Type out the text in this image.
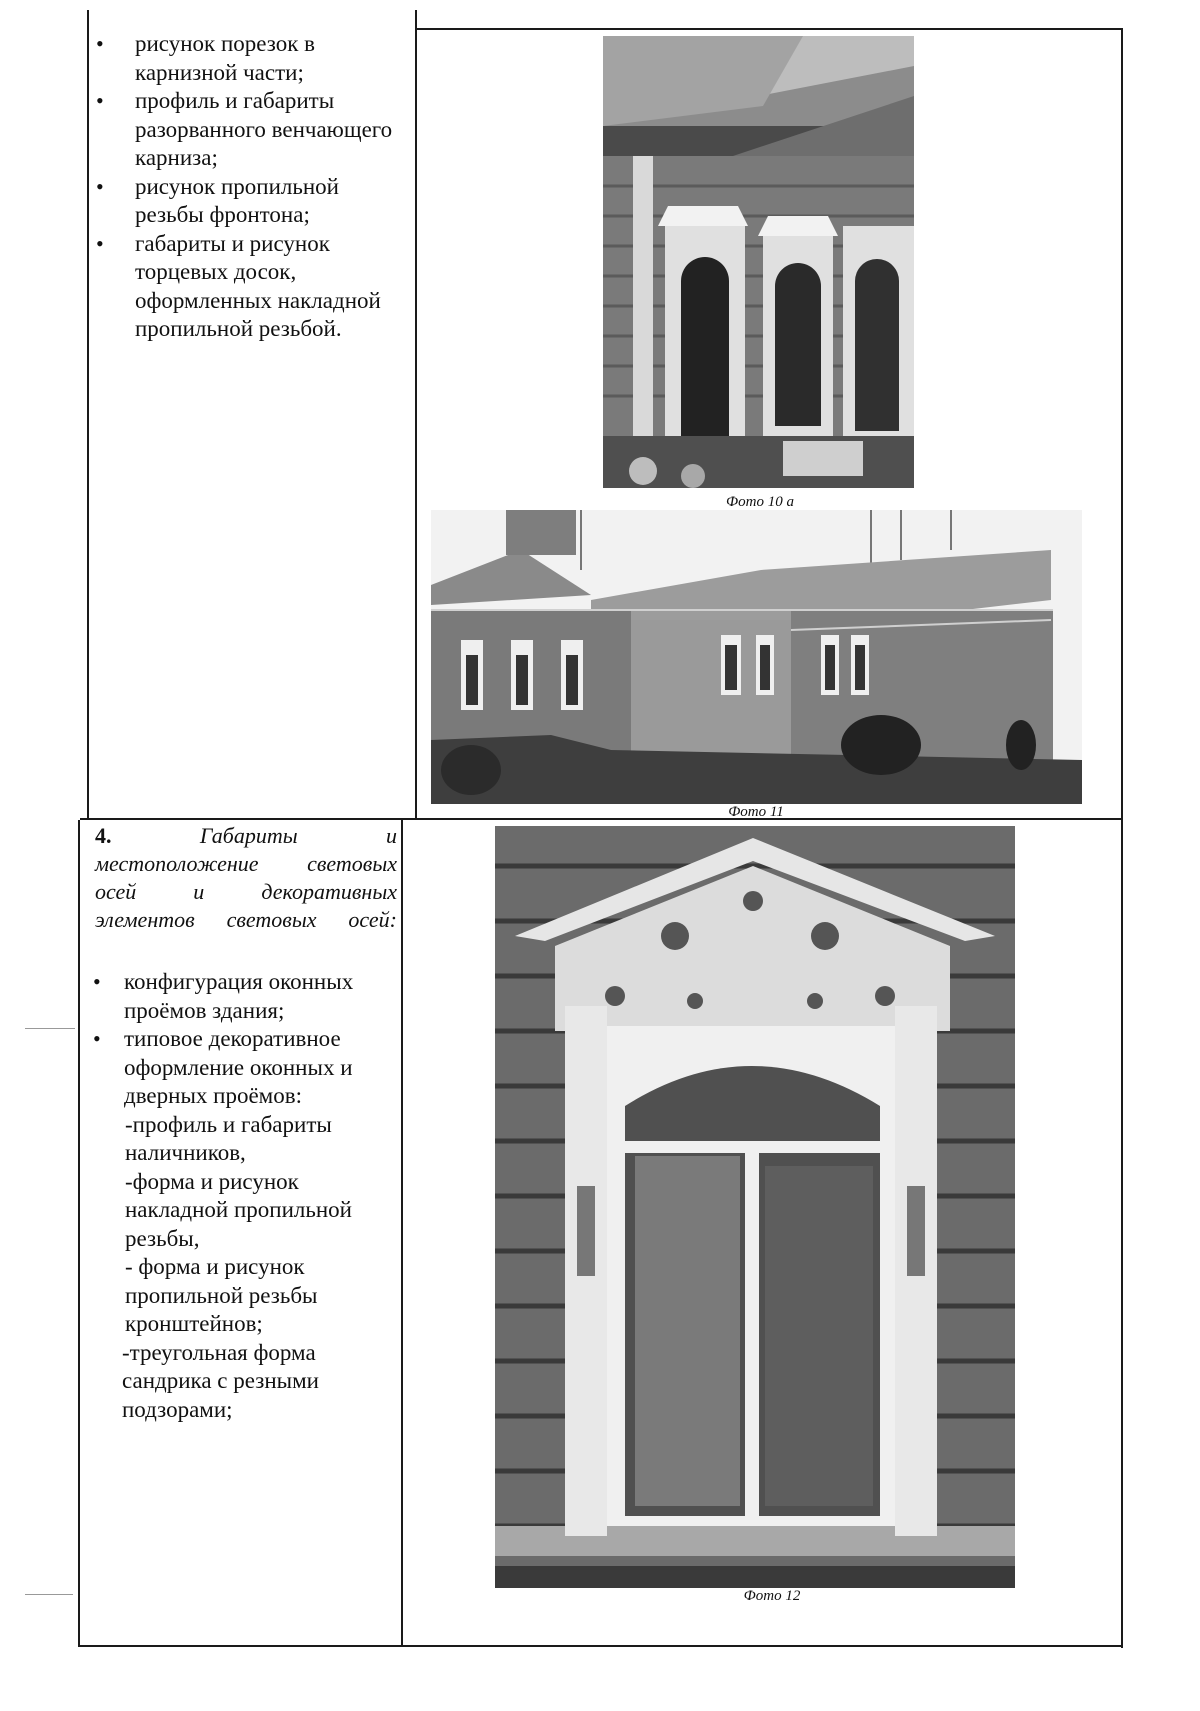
• рисунок порезок в карнизной части;
• профиль и габариты разорванного венчающего карниза;
• рисунок пропильной резьбы фронтона;
• габариты и рисунок торцевых досок, оформленных накладной пропильной резьбой.
Фото 10 а
Фото 11
4.	Габариты и местоположение световых осей и декоративных элементов световых осей:
• конфигурация оконных проёмов здания;
• типовое декоративное оформление оконных и дверных проёмов:
-профиль и габариты наличников,
-форма и рисунок накладной пропильной резьбы,
- форма и рисунок пропильной резьбы кронштейнов;
-треугольная форма сандрика с резными подзорами;
Фото 12
